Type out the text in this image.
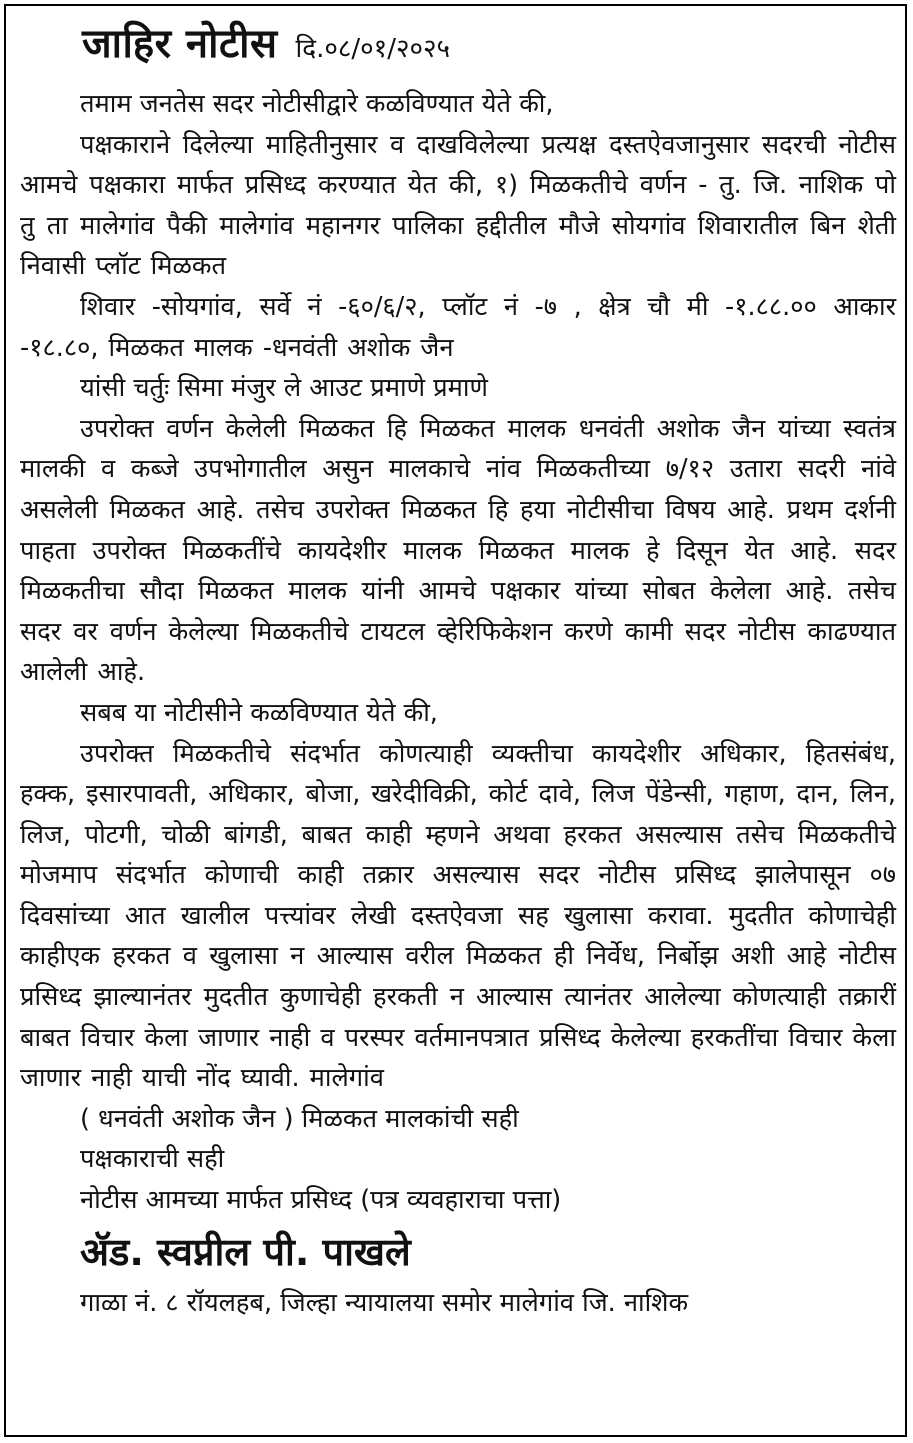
जाहिर नोटीस दि.०८/०१/२०२५

तमाम जनतेस सदर नोटीसीद्वारे कळविण्यात येते की,

पक्षकाराने दिलेल्या माहितीनुसार व दाखविलेल्या प्रत्यक्ष दस्तऐवजानुसार सदरची नोटीस आमचे पक्षकारा मार्फत प्रसिध्द करण्यात येत की, १) मिळकतीचे वर्णन - तु. जि. नाशिक पो तु ता मालेगांव पैकी मालेगांव महानगर पालिका हद्दीतील मौजे सोयगांव शिवारातील बिन शेती निवासी प्लॉट मिळकत

शिवार -सोयगांव, सर्वे नं -६०/६/२, प्लॉट नं -७ , क्षेत्र चौ मी -१.८८.०० आकार -१८.८०, मिळकत मालक -धनवंती अशोक जैन

यांसी चर्तुः सिमा मंजुर ले आउट प्रमाणे प्रमाणे

उपरोक्त वर्णन केलेली मिळकत हि मिळकत मालक धनवंती अशोक जैन यांच्या स्वतंत्र मालकी व कब्जे उपभोगातील असुन मालकाचे नांव मिळकतीच्या ७/१२ उतारा सदरी नांवे असलेली मिळकत आहे. तसेच उपरोक्त मिळकत हि हया नोटीसीचा विषय आहे. प्रथम दर्शनी पाहता उपरोक्त मिळकतींचे कायदेशीर मालक मिळकत मालक हे दिसून येत आहे. सदर मिळकतीचा सौदा मिळकत मालक यांनी आमचे पक्षकार यांच्या सोबत केलेला आहे. तसेच सदर वर वर्णन केलेल्या मिळकतीचे टायटल व्हेरिफिकेशन करणे कामी सदर नोटीस काढण्यात आलेली आहे.

सबब या नोटीसीने कळविण्यात येते की,

उपरोक्त मिळकतीचे संदर्भात कोणत्याही व्यक्तीचा कायदेशीर अधिकार, हितसंबंध, हक्क, इसारपावती, अधिकार, बोजा, खरेदीविक्री, कोर्ट दावे, लिज पेंडेन्सी, गहाण, दान, लिन, लिज, पोटगी, चोळी बांगडी, बाबत काही म्हणने अथवा हरकत असल्यास तसेच मिळकतीचे मोजमाप संदर्भात कोणाची काही तक्रार असल्यास सदर नोटीस प्रसिध्द झालेपासून ०७ दिवसांच्या आत खालील पत्त्यांवर लेखी दस्तऐवजा सह खुलासा करावा. मुदतीत कोणाचेही काहीएक हरकत व खुलासा न आल्यास वरील मिळकत ही निर्वेध, निर्बोझ अशी आहे नोटीस प्रसिध्द झाल्यानंतर मुदतीत कुणाचेही हरकती न आल्यास त्यानंतर आलेल्या कोणत्याही तक्रारीं बाबत विचार केला जाणार नाही व परस्पर वर्तमानपत्रात प्रसिध्द केलेल्या हरकतींचा विचार केला जाणार नाही याची नोंद घ्यावी. मालेगांव

( धनवंती अशोक जैन ) मिळकत मालकांची सही

पक्षकाराची सही

नोटीस आमच्या मार्फत प्रसिध्द (पत्र व्यवहाराचा पत्ता)

ॲड. स्वप्नील पी. पाखले

गाळा नं. ८ रॉयलहब, जिल्हा न्यायालया समोर मालेगांव जि. नाशिक
